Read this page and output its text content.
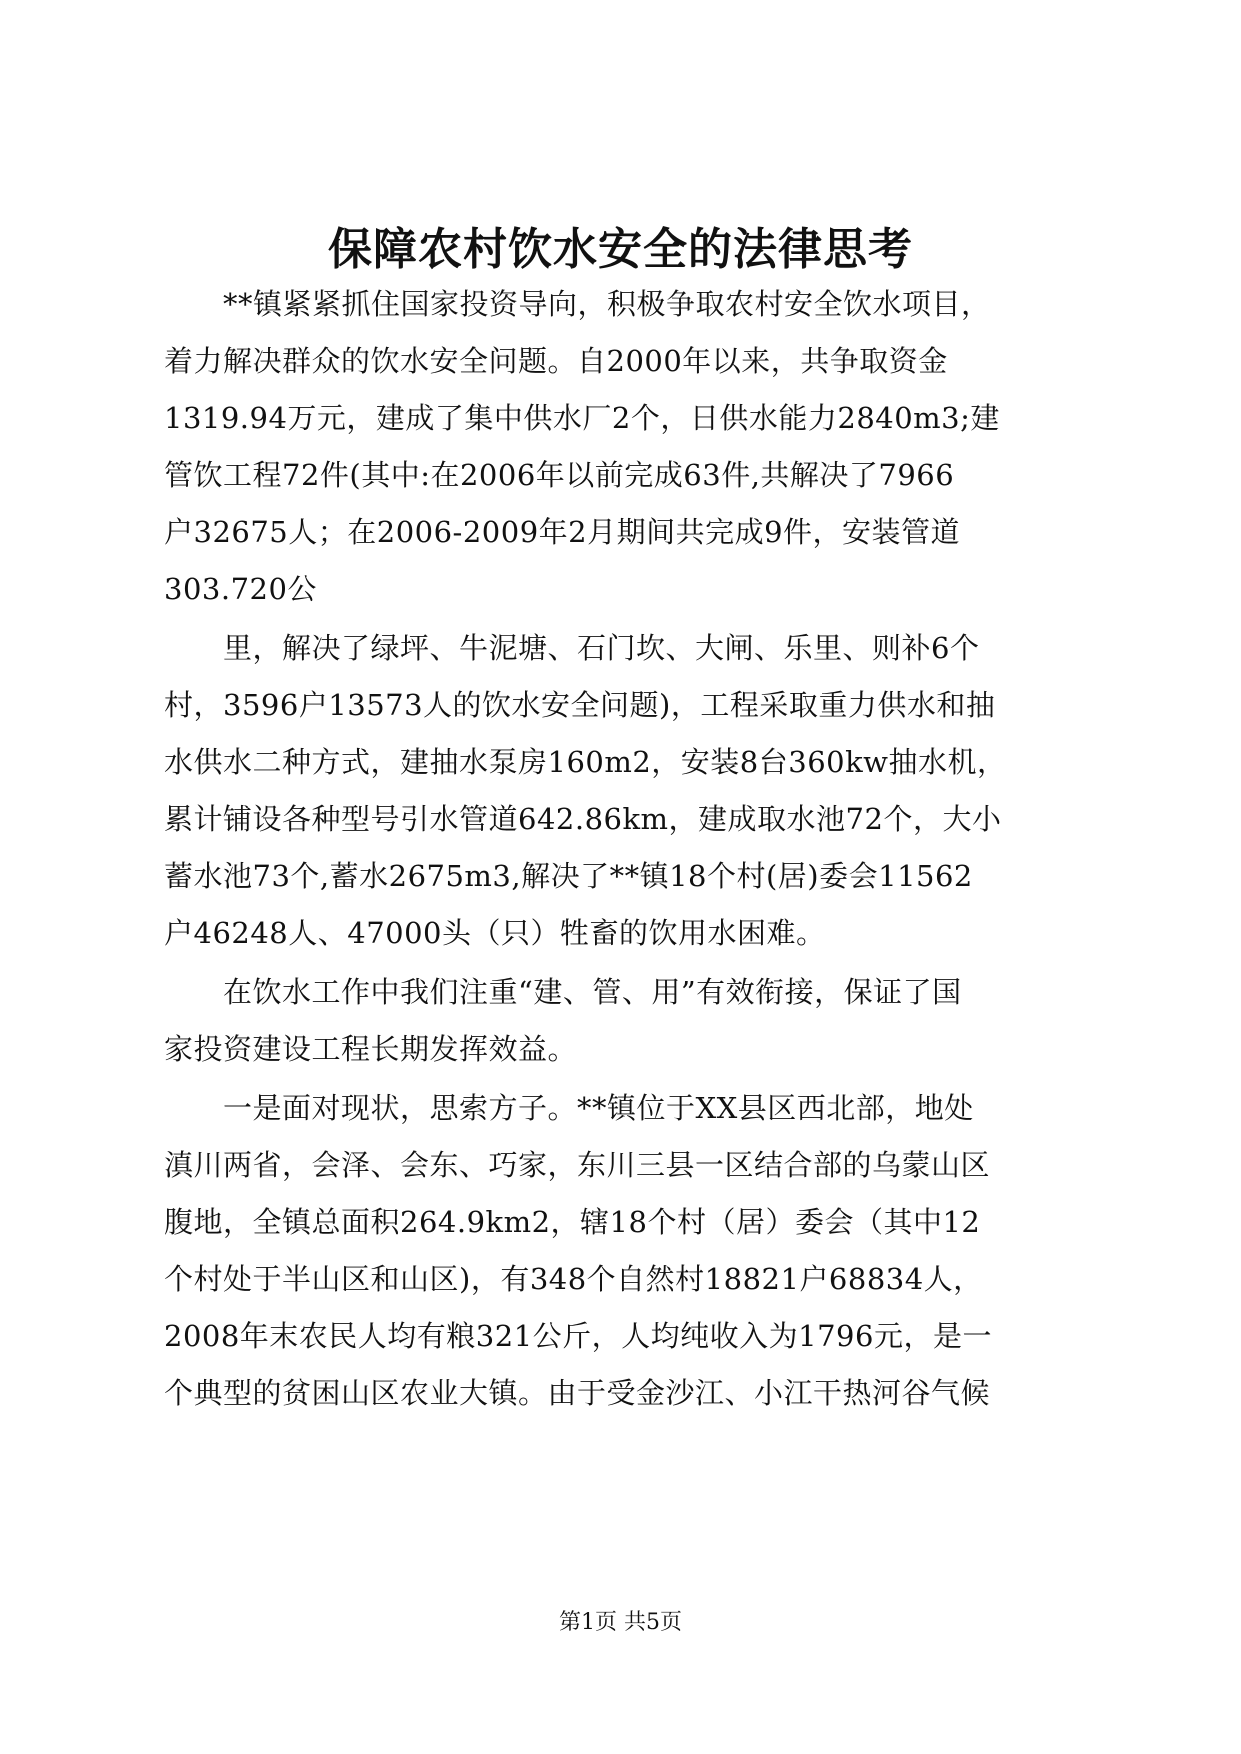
保障农村饮水安全的法律思考
　　**镇紧紧抓住国家投资导向，积极争取农村安全饮水项目，
着力解决群众的饮水安全问题。自2000年以来，共争取资金
1319.94万元，建成了集中供水厂2个，日供水能力2840m3;建
管饮工程72件(其中:在2006年以前完成63件,共解决了7966
户32675人；在2006-2009年2月期间共完成9件，安装管道
303.720公
　　里，解决了绿坪、牛泥塘、石门坎、大闸、乐里、则补6个
村，3596户13573人的饮水安全问题)，工程采取重力供水和抽
水供水二种方式，建抽水泵房160m2，安装8台360kw抽水机，
累计铺设各种型号引水管道642.86km，建成取水池72个，大小
蓄水池73个,蓄水2675m3,解决了**镇18个村(居)委会11562
户46248人、47000头（只）牲畜的饮用水困难。
　　在饮水工作中我们注重“建、管、用”有效衔接，保证了国
家投资建设工程长期发挥效益。
　　一是面对现状，思索方子。**镇位于XX县区西北部，地处
滇川两省，会泽、会东、巧家，东川三县一区结合部的乌蒙山区
腹地，全镇总面积264.9km2，辖18个村（居）委会（其中12
个村处于半山区和山区)，有348个自然村18821户68834人，
2008年末农民人均有粮321公斤，人均纯收入为1796元，是一
个典型的贫困山区农业大镇。由于受金沙江、小江干热河谷气候
第1页 共5页
